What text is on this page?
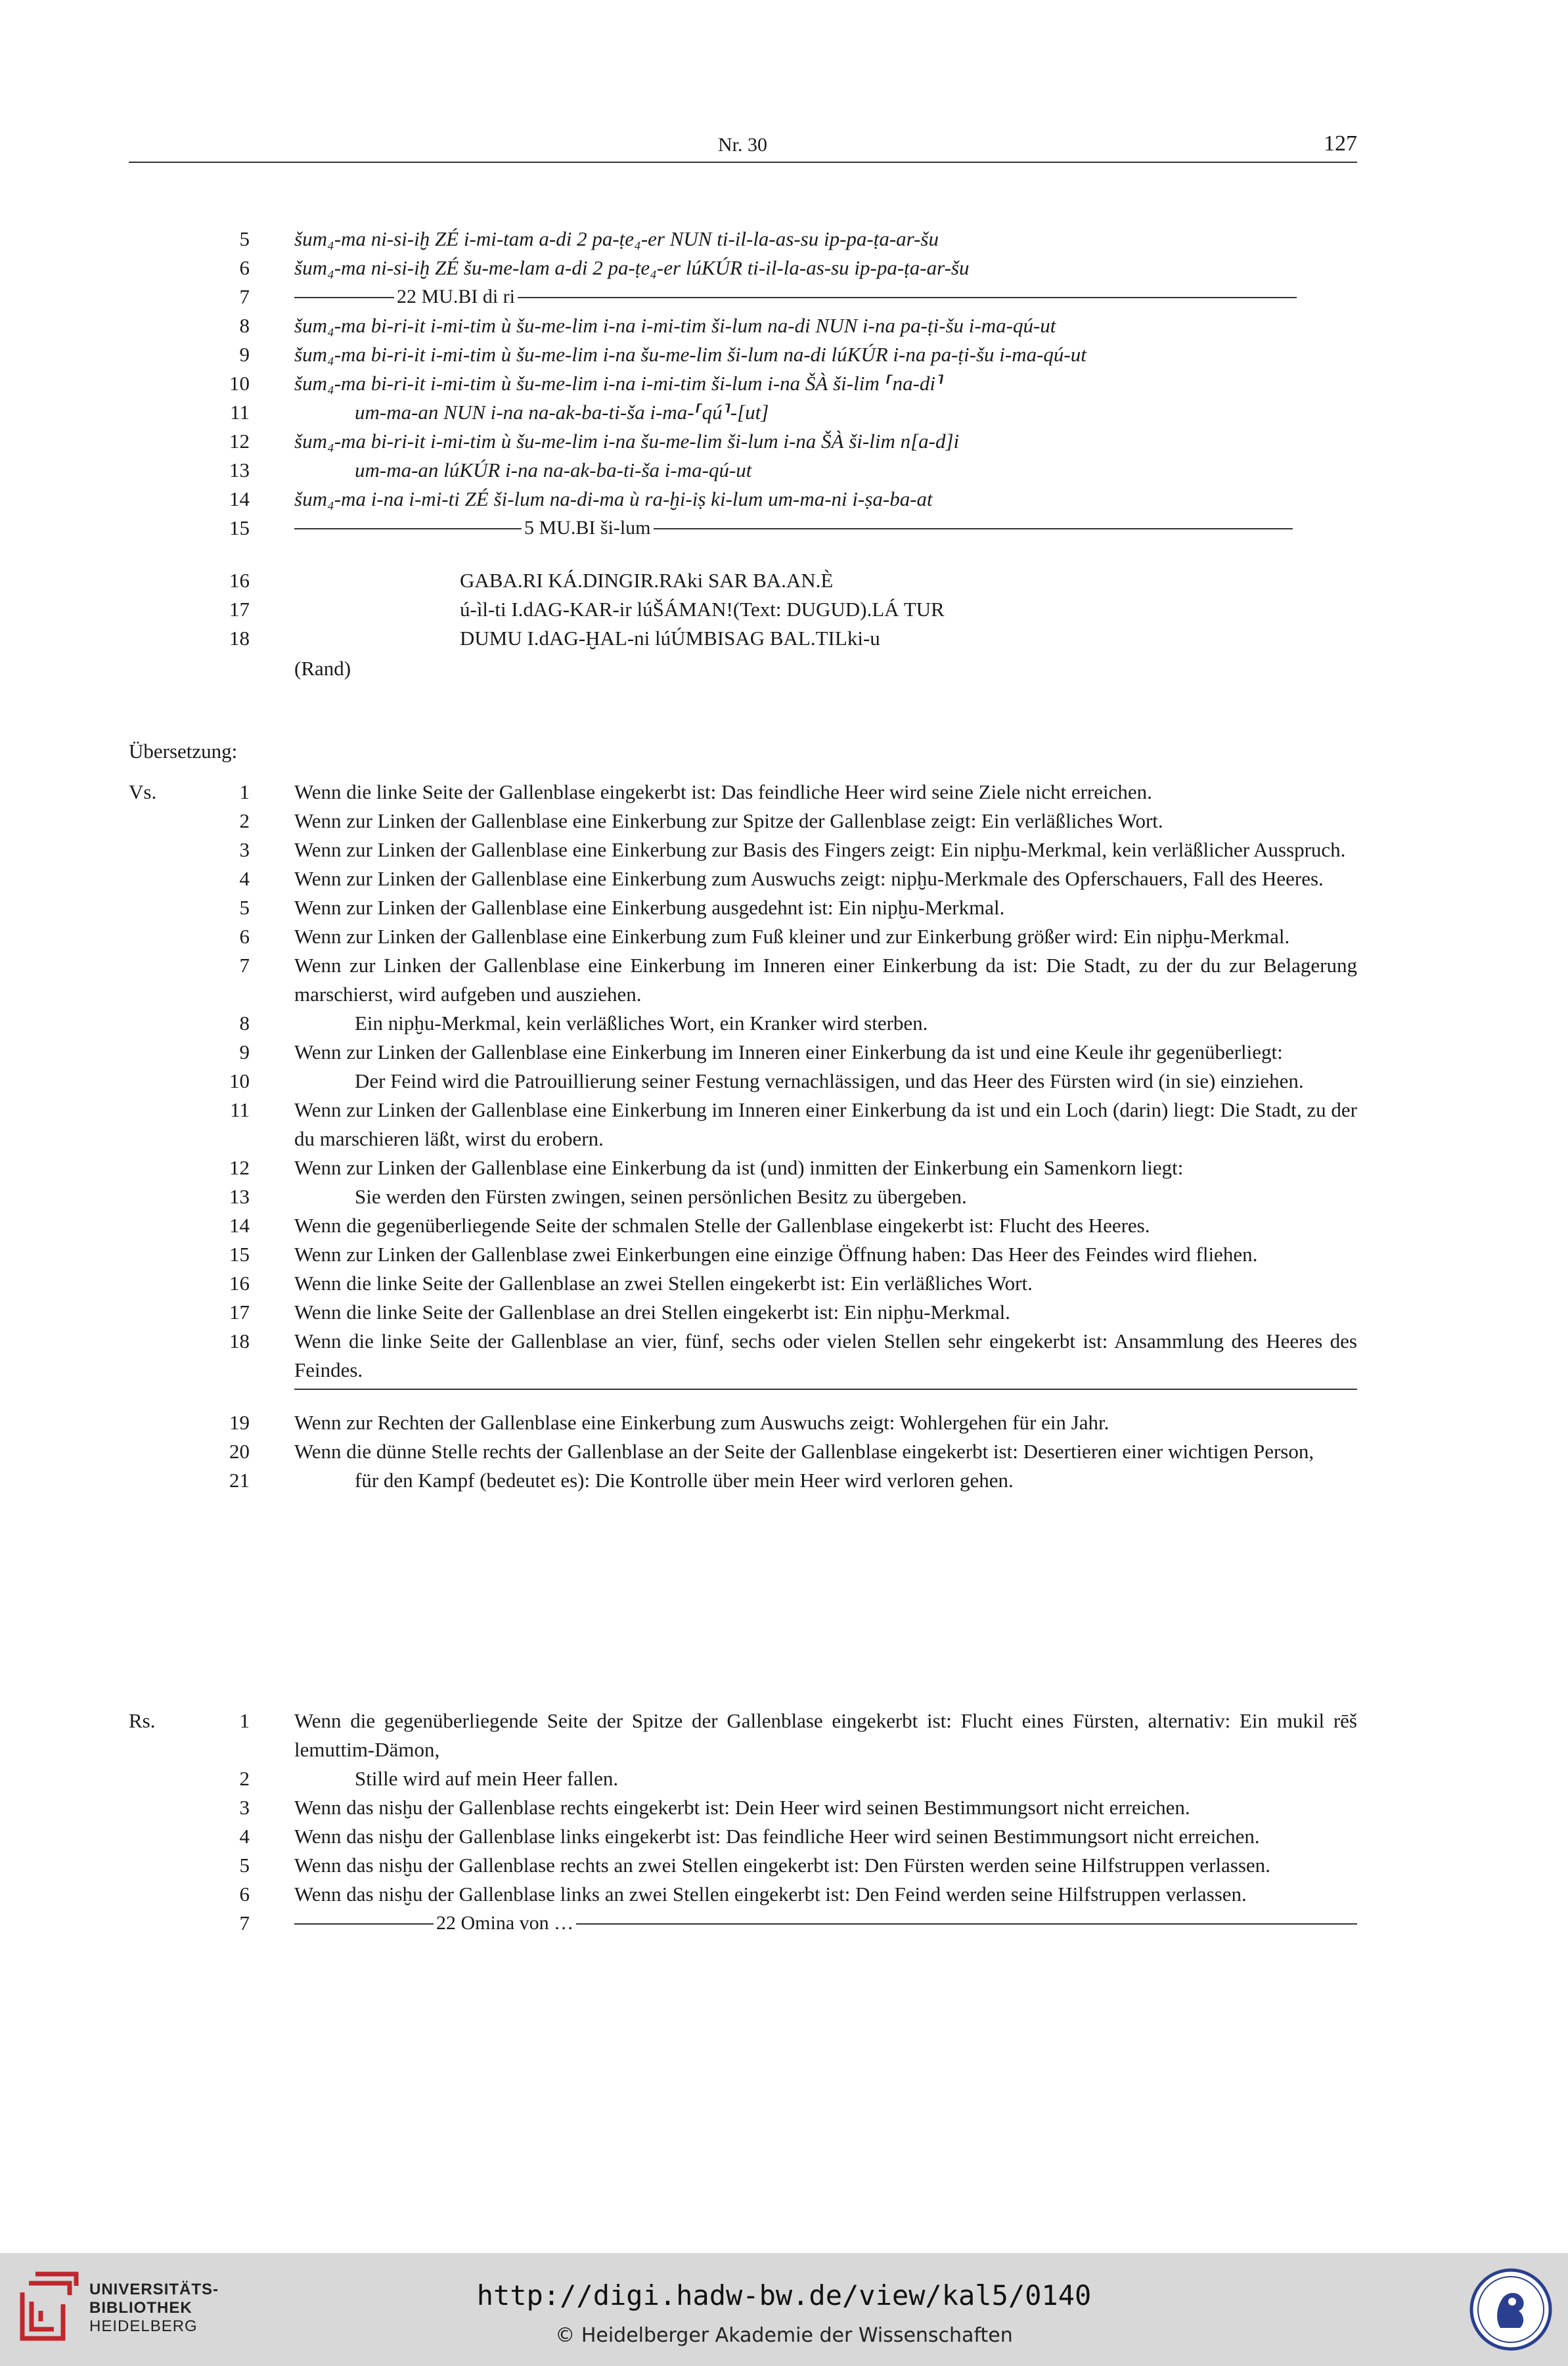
Nr. 30	127
5 šum₄-ma ni-si-iḫ ZÉ i-mi-tam a-di 2 pa-ṭe₄-er NUN ti-il-la-as-su ip-pa-ṭa-ar-šu
6 šum₄-ma ni-si-iḫ ZÉ šu-me-lam a-di 2 pa-ṭe₄-er lúKÚR ti-il-la-as-su ip-pa-ṭa-ar-šu
7	22 MU.BI di ri
8 šum₄-ma bi-ri-it i-mi-tim ù šu-me-lim i-na i-mi-tim ši-lum na-di NUN i-na pa-ṭi-šu i-ma-qú-ut
9 šum₄-ma bi-ri-it i-mi-tim ù šu-me-lim i-na šu-me-lim ši-lum na-di lúKÚR i-na pa-ṭi-šu i-ma-qú-ut
10 šum₄-ma bi-ri-it i-mi-tim ù šu-me-lim i-na i-mi-tim ši-lum i-na ŠÀ ši-lim ⸢na-di⸣
11	um-ma-an NUN i-na na-ak-ba-ti-ša i-ma-⸢qú⸣-[ut]
12 šum₄-ma bi-ri-it i-mi-tim ù šu-me-lim i-na šu-me-lim ši-lum i-na ŠÀ ši-lim n[a-d]i
13	um-ma-an lúKÚR i-na na-ak-ba-ti-ša i-ma-qú-ut
14 šum₄-ma i-na i-mi-ti ZÉ ši-lum na-di-ma ù ra-ḫi-iṣ ki-lum um-ma-ni i-ṣa-ba-at
15	5 MU.BI ši-lum
16	GABA.RI KÁ.DINGIR.RAki SAR BA.AN.È
17	ú-ìl-ti I.dAG-KAR-ir lúŠÁMAN!(Text: DUGUD).LÁ TUR
18	DUMU I.dAG-ḪAL-ni lúÚMBISAG BAL.TILki-u
(Rand)
Übersetzung:
Vs.	1 Wenn die linke Seite der Gallenblase eingekerbt ist: Das feindliche Heer wird seine Ziele nicht erreichen.
2 Wenn zur Linken der Gallenblase eine Einkerbung zur Spitze der Gallenblase zeigt: Ein verläßliches Wort.
3 Wenn zur Linken der Gallenblase eine Einkerbung zur Basis des Fingers zeigt: Ein nipḫu-Merkmal, kein verläßlicher Ausspruch.
4 Wenn zur Linken der Gallenblase eine Einkerbung zum Auswuchs zeigt: nipḫu-Merkmale des Opferschauers, Fall des Heeres.
5 Wenn zur Linken der Gallenblase eine Einkerbung ausgedehnt ist: Ein nipḫu-Merkmal.
6 Wenn zur Linken der Gallenblase eine Einkerbung zum Fuß kleiner und zur Einkerbung größer wird: Ein nipḫu-Merkmal.
7 Wenn zur Linken der Gallenblase eine Einkerbung im Inneren einer Einkerbung da ist: Die Stadt, zu der du zur Belagerung marschierst, wird aufgeben und ausziehen.
8	Ein nipḫu-Merkmal, kein verläßliches Wort, ein Kranker wird sterben.
9 Wenn zur Linken der Gallenblase eine Einkerbung im Inneren einer Einkerbung da ist und eine Keule ihr gegenüberliegt:
10	Der Feind wird die Patrouillierung seiner Festung vernachlässigen, und das Heer des Fürsten wird (in sie) einziehen.
11 Wenn zur Linken der Gallenblase eine Einkerbung im Inneren einer Einkerbung da ist und ein Loch (darin) liegt: Die Stadt, zu der du marschieren läßt, wirst du erobern.
12 Wenn zur Linken der Gallenblase eine Einkerbung da ist (und) inmitten der Einkerbung ein Samenkorn liegt:
13	Sie werden den Fürsten zwingen, seinen persönlichen Besitz zu übergeben.
14 Wenn die gegenüberliegende Seite der schmalen Stelle der Gallenblase eingekerbt ist: Flucht des Heeres.
15 Wenn zur Linken der Gallenblase zwei Einkerbungen eine einzige Öffnung haben: Das Heer des Feindes wird fliehen.
16 Wenn die linke Seite der Gallenblase an zwei Stellen eingekerbt ist: Ein verläßliches Wort.
17 Wenn die linke Seite der Gallenblase an drei Stellen eingekerbt ist: Ein nipḫu-Merkmal.
18 Wenn die linke Seite der Gallenblase an vier, fünf, sechs oder vielen Stellen sehr eingekerbt ist: Ansammlung des Heeres des Feindes.
19 Wenn zur Rechten der Gallenblase eine Einkerbung zum Auswuchs zeigt: Wohlergehen für ein Jahr.
20 Wenn die dünne Stelle rechts der Gallenblase an der Seite der Gallenblase eingekerbt ist: Desertieren einer wichtigen Person,
21	für den Kampf (bedeutet es): Die Kontrolle über mein Heer wird verloren gehen.
Rs.	1 Wenn die gegenüberliegende Seite der Spitze der Gallenblase eingekerbt ist: Flucht eines Fürsten, alternativ: Ein mukil rēš lemuttim-Dämon,
2	Stille wird auf mein Heer fallen.
3 Wenn das nisḫu der Gallenblase rechts eingekerbt ist: Dein Heer wird seinen Bestimmungsort nicht erreichen.
4 Wenn das nisḫu der Gallenblase links eingekerbt ist: Das feindliche Heer wird seinen Bestimmungsort nicht erreichen.
5 Wenn das nisḫu der Gallenblase rechts an zwei Stellen eingekerbt ist: Den Fürsten werden seine Hilfstruppen verlassen.
6 Wenn das nisḫu der Gallenblase links an zwei Stellen eingekerbt ist: Den Feind werden seine Hilfstruppen verlassen.
7	22 Omina von …
UNIVERSITÄTS-
BIBLIOTHEK
HEIDELBERG
http://digi.hadw-bw.de/view/kal5/0140
© Heidelberger Akademie der Wissenschaften
